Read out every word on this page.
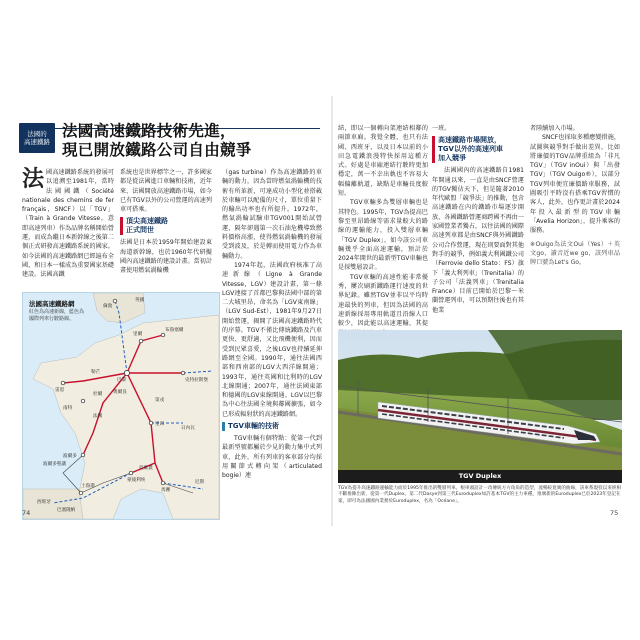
法國的
高速鐵路
法國高速鐵路技術先進，
現已開放鐵路公司自由競爭
法 國高速鐵路系統的發展可以追溯至1981年，當時法國國鐵（Société nationale des chemins de fer français，SNCF）以「TGV」（Train à Grande Vitesse，意即高速列車）作為品牌名稱開始營運，而成為繼日本新幹線之後第二個正式研發高速鐵路系統的國家。如今法國的高速鐵路網已經遍布全國，和日本一樣成為重要國家基礎建設。法國高鐵
系統也是世界標竿之一，許多國家都是從法國進口車輛和技術，近年來，法國開放高速鐵路市場，如今已有TGV以外的公司營運的高速列車可搭乘。
頂尖高速鐵路
正式問世
法國是日本於1959年開始建設東海道新幹線，也於1960年代研擬國內高速鐵路的建設計畫。當初計畫使用燃氣渦輪機
（gas turbine）作為高速鐵路的車輛的動力，因為當時燃氣渦輪機的技術有所革新，可達成功小型化並搭載於車輛可以配備的尺寸，單位重量下的輸出功率也有所提升。1972年，燃氣渦輪試驗車TGV001開始試營運，隔年卻遇第一次石油危機導致燃料價格高漲，使得燃氣渦輪機的發展受到波及，於是轉而使用電力作為車輛動力。
1974年起，法國政府核准了高速新線（Ligne à Grande Vitesse，LGV）建設計畫，第一條LGV連接了首都巴黎與法國中部的第二大城里昂，命名為「LGV東南線」（LGV Sud-Est），1981年9月27日開始營運，揭開了法國高速鐵路時代的序幕。TGV不僅比傳統鐵路及汽車更快、更舒適，又比飛機便利，因而受到民眾喜愛，之後LGV也持續延伸路網至全國。1990年，通往法國西部和西南部的LGV大西洋線開通；1993年，通往英國和比利時的LGV北線開通；2007年，通往法國東部和德國的LGV東線開通。LGV以巴黎為中心往法國全境與鄰國擴張，如今已形成輻射狀的高速鐵路網。
TGV車輛的技術
TGV車輛有個特點：從第一代到最新型號都屬於少見的動力集中式列車，此外，所有列車的客車部分均採用關節式轉向架（articulated bogie）連
法國高速鐵路網
紅色為高速新線，藍色為
國際列車行駛路線。
英國
倫敦
法國
巴黎
里爾
布魯塞爾
史特拉斯堡
雷恩
南特
波爾多
里昂
馬賽
土魯斯
尼斯
蒙彼利埃
杜爾
勒芒
第戎
日內瓦
西班牙
巴塞隆納
波爾多聖讓
亞維農
奧爾良
74
結，即以一個轉向架連結相鄰的兩節車廂。我覺全體，也只有法國、西班牙、以及日本以前的小田急電鐵浪漫特快採用這種方式。好處是車廂連結行駛時更加穩定，萬一不幸出軌也不容易大幅偏離軌道，缺點是車輛長度較短。
TGV車輛多為雙層車輛也是其特色。1995年，TGV為提高巴黎至里昂路線等需求量較大的路線的運輸能力，投入雙層車輛「TGV Duplex」，如今該公司車輛幾乎全面高速運輸，預計於2024年開世的最新型TGV車輛也是採雙層設計。
TGV車輛的高速性能非常優秀，屢次刷新鐵路運行速度的世界紀錄。雖然TGV並非以平均時速最快的列車，但因為法國的高速新線採用專用軌道且沿線人口較少，因此能以高速運輸，其提
一班。
高速鐵路市場開放，
TGV以外的高速列車
加入競爭
法國國內的高速鐵路自1981年開通以來，一直是由SNCF營運的TGV獨佔天下，但是隨著2010年代歐盟「競爭法」的推動，包含高速鐵路在內的鐵路市場逐步開放，各國鐵路營運商跨國不再由一家國營業者獨占，以往法國的國際高速列車都是由SNCF與外國鐵路公司合作營運，現在則要面對其他對手的競爭，例如義大利國鐵公司（Ferrovie dello Stato：FS）旗下「義大利列車」（Trenitalia）的子公司「法義列車」（Trenitalia France）目前已開始於巴黎～米蘭營運列車，可以預期往後也有其他業
者陸續加入市場。
SNCF也採取多種應變措施，試圖與競爭對手做出差異，比如將廉價的TGV品牌重組為「非凡TGV」（TGV inOui）與「出發TGV」（TGV Ouigo®），以部分TGV列車便宜廉價路車服務，試圖吸引平時沒有搭乘TGV習慣的客人，此外，也作更計畫於2024年投入最新型的TGV車輛「Avelia Horizon」，提升乘客的服務。
※Ouigo為法文Oui（Yes）＋英文go，讀音近we go，該列車品牌口號為Let's Go。
TGV Duplex
TGV為提升高速鐵路運輸能力而於1995年推出的雙層列車。根車頭設計一改傳統方方角角的造型，流暢較寬廣的曲線，該車系現役以來經相不斷推陳出新，從第一代Duplex、第二代Dasye到第三代Euroduplex如許基本TGV的主力車種，推廣新的Euroduplex已於2023年登記在案，即可為法國國內業務於Euroduplex，名為「Océane」。
75
